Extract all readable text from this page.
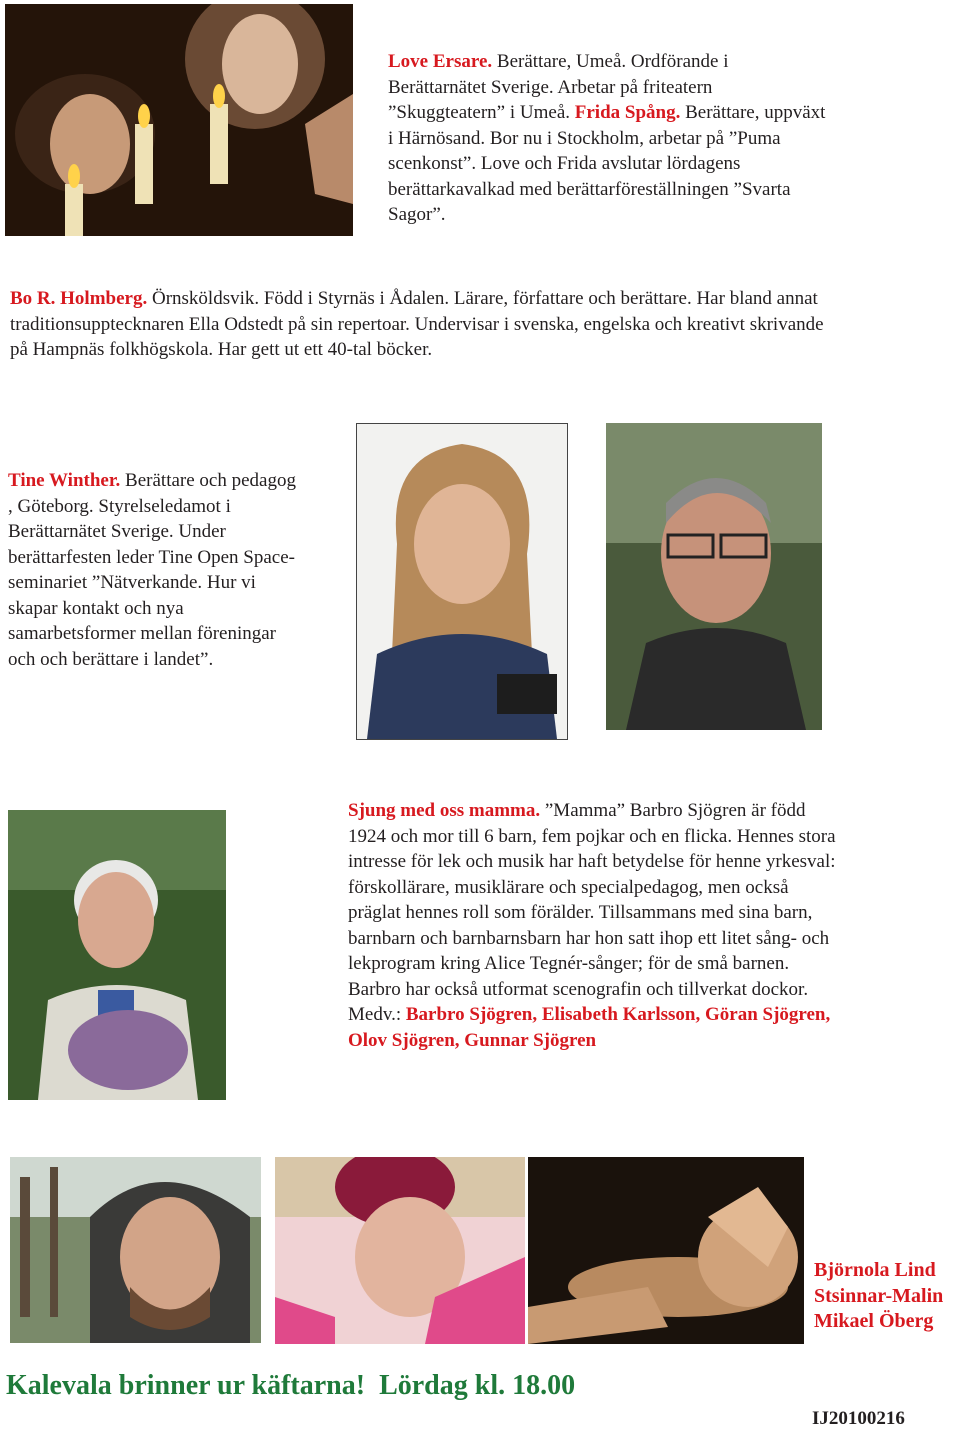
Love Ersare. Berättare, Umeå. Ordförande i Berättarnätet Sverige. Arbetar på friteatern ”Skuggteatern” i Umeå. Frida Spång. Berättare, uppväxt i Härnösand. Bor nu i Stockholm, arbetar på ”Puma scenkonst”. Love och Frida avslutar lördagens berättarkavalkad med berättarföreställningen ”Svarta Sagor”.

Bo R. Holmberg. Örnsköldsvik. Född i Styrnäs i Ådalen. Lärare, författare och berättare. Har bland annat traditionsupptecknaren Ella Odstedt på sin repertoar. Undervisar i svenska, engelska och kreativt skrivande på Hampnäs folkhögskola. Har gett ut ett 40-tal böcker.

Tine Winther. Berättare och pedagog , Göteborg. Styrelseledamot i Berättarnätet Sverige. Under berättarfesten leder Tine Open Space-seminariet ”Nätverkande. Hur vi skapar kontakt och nya samarbetsformer mellan föreningar och och berättare i landet”.

Sjung med oss mamma. ”Mamma” Barbro Sjögren är född 1924 och mor till 6 barn, fem pojkar och en flicka. Hennes stora intresse för lek och musik har haft betydelse för henne yrkesval: förskollärare, musiklärare och specialpedagog, men också präglat hennes roll som förälder. Tillsammans med sina barn, barnbarn och barnbarnsbarn har hon satt ihop ett litet sång- och lekprogram kring Alice Tegnér-sånger; för de små barnen. Barbro har också utformat scenografin och tillverkat dockor. Medv.: Barbro Sjögren, Elisabeth Karlsson, Göran Sjögren, Olov Sjögren, Gunnar Sjögren

Björnola Lind

Stsinnar-Malin

Mikael Öberg

Kalevala brinner ur käftarna!  Lördag kl. 18.00
IJ20100216
